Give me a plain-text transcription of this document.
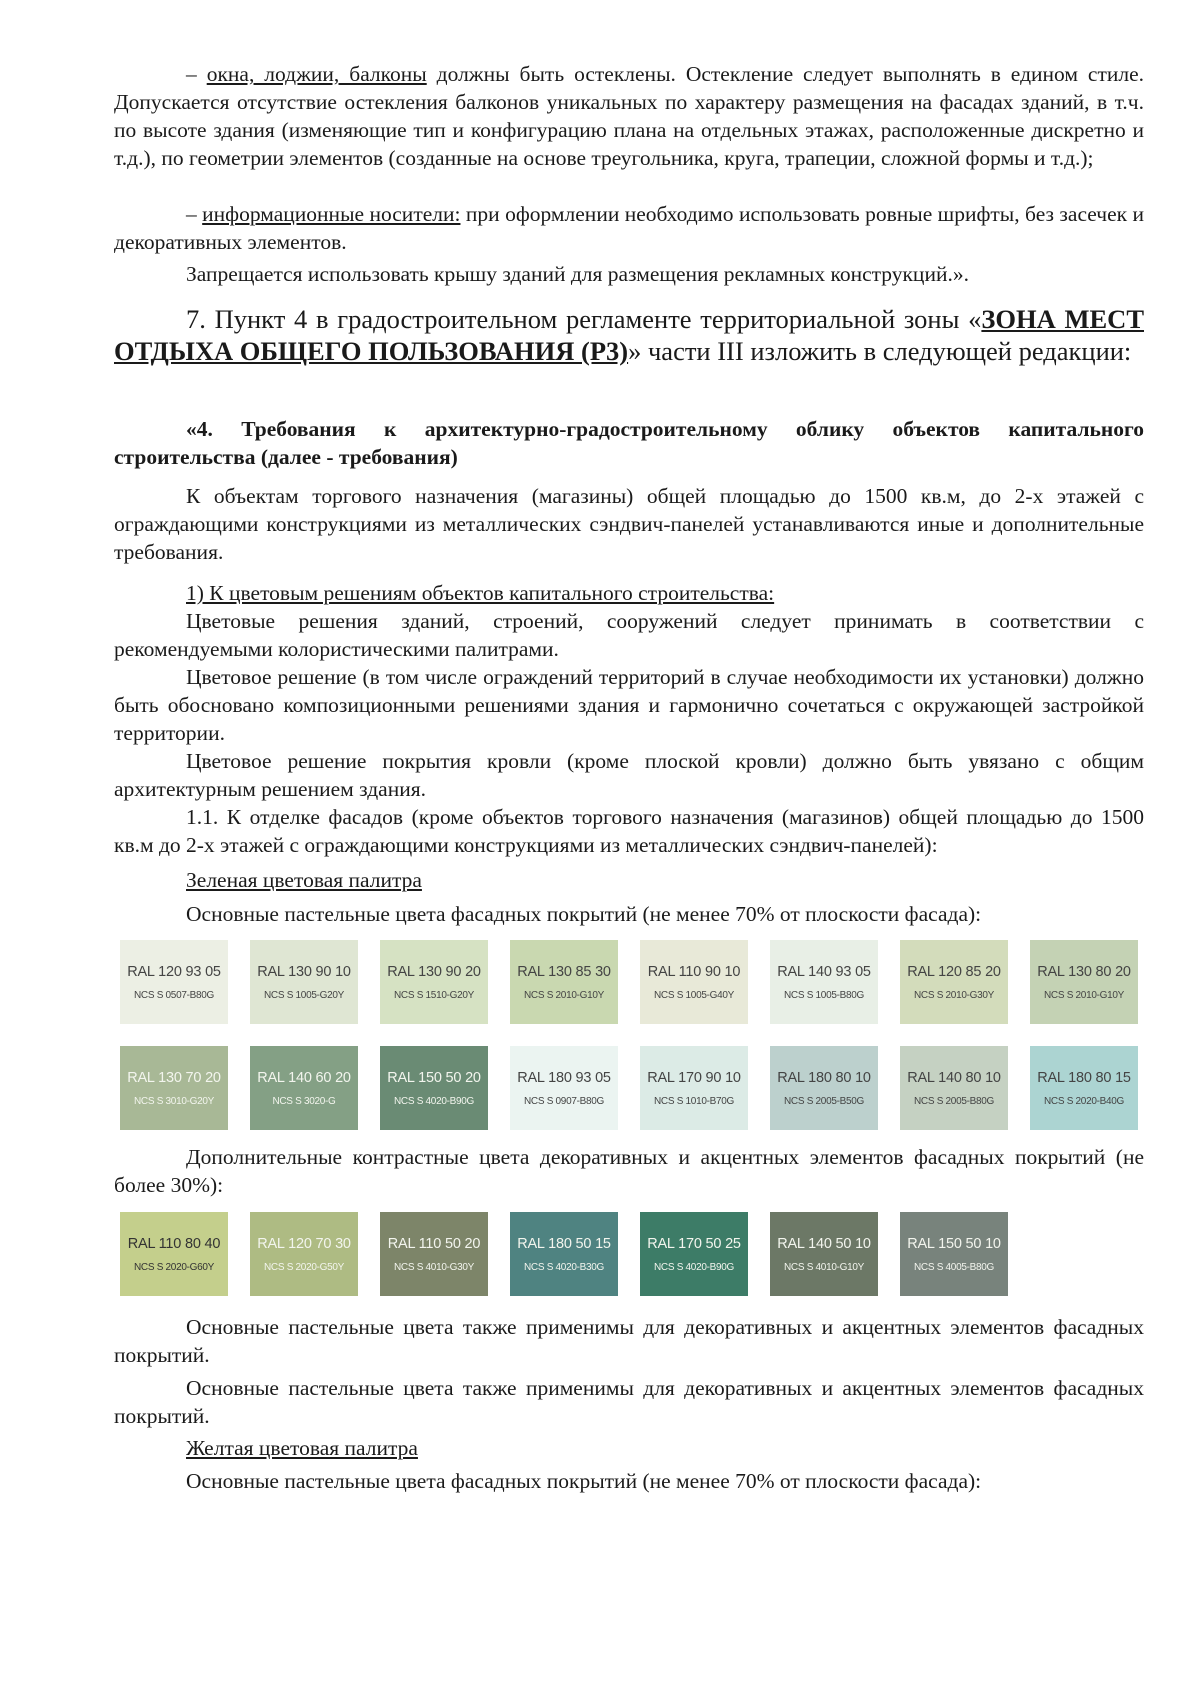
– окна, лоджии, балконы должны быть остеклены. Остекление следует выполнять в едином стиле. Допускается отсутствие остекления балконов уникальных по характеру размещения на фасадах зданий, в т.ч. по высоте здания (изменяющие тип и конфигурацию плана на отдельных этажах, расположенные дискретно и т.д.), по геометрии элементов (созданные на основе треугольника, круга, трапеции, сложной формы и т.д.);

– информационные носители: при оформлении необходимо использовать ровные шрифты, без засечек и декоративных элементов.

Запрещается использовать крышу зданий для размещения рекламных конструкций.».

7. Пункт 4 в градостроительном регламенте территориальной зоны «ЗОНА МЕСТ ОТДЫХА ОБЩЕГО ПОЛЬЗОВАНИЯ (Р3)» части III изложить в следующей редакции:

«4. Требования к архитектурно-градостроительному облику объектов капитального строительства (далее - требования)

К объектам торгового назначения (магазины) общей площадью до 1500 кв.м, до 2-х этажей с ограждающими конструкциями из металлических сэндвич-панелей устанавливаются иные и дополнительные требования.

1) К цветовым решениям объектов капитального строительства:

Цветовые решения зданий, строений, сооружений следует принимать в соответствии с рекомендуемыми колористическими палитрами.

Цветовое решение (в том числе ограждений территорий в случае необходимости их установки) должно быть обосновано композиционными решениями здания и гармонично сочетаться с окружающей застройкой территории.

Цветовое решение покрытия кровли (кроме плоской кровли) должно быть увязано с общим архитектурным решением здания.

1.1. К отделке фасадов (кроме объектов торгового назначения (магазинов) общей площадью до 1500 кв.м до 2-х этажей с ограждающими конструкциями из металлических сэндвич-панелей):

Зеленая цветовая палитра

Основные пастельные цвета фасадных покрытий (не менее 70% от плоскости фасада):

RAL 120 93 05
NCS S 0507-B80G
RAL 130 90 10
NCS S 1005-G20Y
RAL 130 90 20
NCS S 1510-G20Y
RAL 130 85 30
NCS S 2010-G10Y
RAL 110 90 10
NCS S 1005-G40Y
RAL 140 93 05
NCS S 1005-B80G
RAL 120 85 20
NCS S 2010-G30Y
RAL 130 80 20
NCS S 2010-G10Y
RAL 130 70 20
NCS S 3010-G20Y
RAL 140 60 20
NCS S 3020-G
RAL 150 50 20
NCS S 4020-B90G
RAL 180 93 05
NCS S 0907-B80G
RAL 170 90 10
NCS S 1010-B70G
RAL 180 80 10
NCS S 2005-B50G
RAL 140 80 10
NCS S 2005-B80G
RAL 180 80 15
NCS S 2020-B40G

Дополнительные контрастные цвета декоративных и акцентных элементов фасадных покрытий (не более 30%):

RAL 110 80 40
NCS S 2020-G60Y
RAL 120 70 30
NCS S 2020-G50Y
RAL 110 50 20
NCS S 4010-G30Y
RAL 180 50 15
NCS S 4020-B30G
RAL 170 50 25
NCS S 4020-B90G
RAL 140 50 10
NCS S 4010-G10Y
RAL 150 50 10
NCS S 4005-B80G

Основные пастельные цвета также применимы для декоративных и акцентных элементов фасадных покрытий.

Основные пастельные цвета также применимы для декоративных и акцентных элементов фасадных покрытий.

Желтая цветовая палитра

Основные пастельные цвета фасадных покрытий (не менее 70% от плоскости фасада):
